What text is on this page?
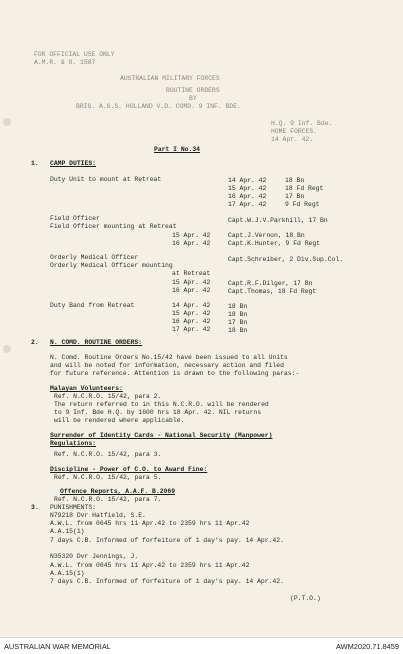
FOR OFFICIAL USE ONLY
A.M.R. & O. 1587
AUSTRALIAN MILITARY FORCES
ROUTINE ORDERS
BY
BRIG. A.G.S. HOLLAND V.D. COMD. 9 INF. BDE.
H.Q. 9 Inf. Bde.
HOME FORCES.
14 Apr. 42.
Part I No.34
1. CAMP DUTIES:
Duty Unit to mount at Retreat	14 Apr. 42	18 Bn
15 Apr. 42	18 Fd Regt
16 Apr. 42	17 Bn
17 Apr. 42	9 Fd Regt
Field Officer	Capt.W.J.V.Parkhill, 17 Bn
Field Officer mounting at Retreat
15 Apr. 42	Capt.J.Vernon, 18 Bn
16 Apr. 42	Capt.K.Hunter, 9 Fd Regt
Orderly Medical Officer	Capt.Schreiber, 2 Div.Sup.Col.
Orderly Medical Officer mounting
at Retreat
15 Apr. 42	Capt.R.F.Dilger, 17 Bn
16 Apr. 42	Capt.Thomas, 18 Fd Regt
Duty Band from Retreat	14 Apr. 42	18 Bn
15 Apr. 42	18 Bn
16 Apr. 42	17 Bn
17 Apr. 42	18 Bn
2. N. COMD. ROUTINE ORDERS:
N. Comd. Routine Orders No.15/42 have been issued to all Units
and will be noted for information, necessary action and filed
for future reference. Attention is drawn to the following paras:-
Malayan Volunteers:
Ref. N.C.R.O. 15/42, para 2.
The return referred to in this N.C.R.O. will be rendered
to 9 Inf. Bde H.Q. by 1600 hrs 18 Apr. 42. NIL returns
will be rendered where applicable.
Surrender of Identity Cards - National Security (Manpower)
Regulations:
Ref. N.C.R.O. 15/42, para 3.
Discipline - Power of C.O. to Award Fine:
Ref. N.C.R.O. 15/42, para 5.
Offence Reports, A.A.F. B.2069
Ref. N.C.R.O. 15/42, para 7.
3. PUNISHMENTS:
N79218 Dvr Hatfield, S.E.
A.W.L. from 0645 hrs 11 Apr.42 to 2359 hrs 11 Apr.42
A.A.15(1)
7 days C.B. Informed of forfeiture of 1 day's pay. 14 Apr.42.
N35320 Dvr Jennings, J.
A.W.L. from 0645 hrs 11 Apr.42 to 2359 hrs 11 Apr.42
A.A.15(1)
7 days C.B. Informed of forfeiture of 1 day's pay. 14 Apr.42.
(P.T.O.)
AUSTRALIAN WAR MEMORIAL	AWM2020.71.8459
